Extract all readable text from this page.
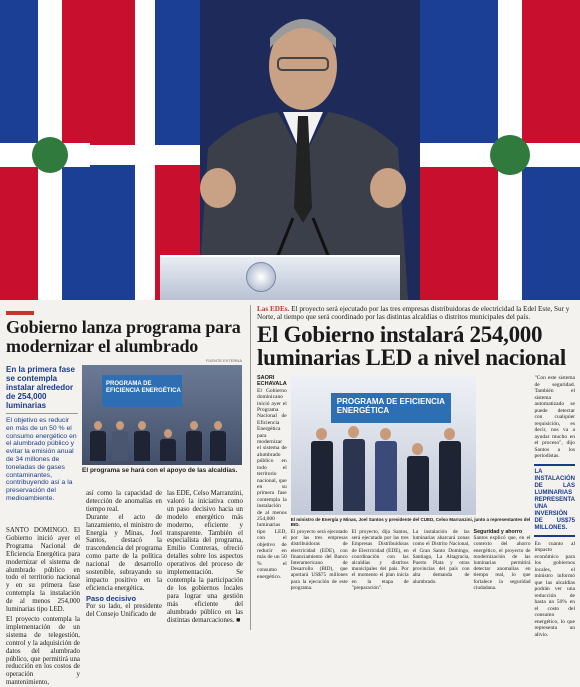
Gobierno lanza programa para modernizar el alumbrado
FUENTE EXTERNA
En la primera fase se contempla instalar alrededor de 254,000 luminarias
El objetivo es reducir en más de un 50 % el consumo energético en el alumbrado público y evitar la emisión anual de 34 millones de toneladas de gases contaminantes, contribuyendo así a la preservación del medioambiente.
PROGRAMA DE EFICIENCIA ENERGÉTICA
El programa se hará con el apoyo de las alcaldías.

SANTO DOMINGO. El Gobierno inició ayer el Programa Nacional de Eficiencia Energética para modernizar el sistema de alumbrado público en todo el territorio nacional y en su primera fase contempla la instalación de al menos 254,000 luminarias tipo LED.

El proyecto contempla la implementación de un sistema de telegestión, control y la adquisición de datos del alumbrado público, que permitirá una reducción en los costos de operación y mantenimiento,

así como la capacidad de detección de anomalías en tiempo real.

Durante el acto de lanzamiento, el ministro de Energía y Minas, Joel Santos, destacó la trascendencia del programa como parte de la política nacional de desarrollo sostenible, subrayando su impacto positivo en la eficiencia energética.

Paso decisivo

Por su lado, el presidente del Consejo Unificado de

las EDE, Celso Marranzini, valoró la iniciativa como un paso decisivo hacia un modelo energético más moderno, eficiente y transparente. También el especialista del programa, Emilio Contreras, ofreció detalles sobre los aspectos operativos del proceso de implementación. Se contempla la participación de los gobiernos locales para lograr una gestión más eficiente del alumbrado público en las distintas demarcaciones. ■

Las EDEs. El proyecto será ejecutado por las tres empresas distribuidoras de electricidad la Edel Este, Sur y Norte, al tiempo que será coordinado por las distintas alcaldías o distritos municipales del país.
El Gobierno instalará 254,000 luminarias LED a nivel nacional
SAORI ECHAVALA

El Gobierno dominicano inició ayer el Programa Nacional de Eficiencia Energética para modernizar el sistema de alumbrado público en todo el territorio nacional, que en su primera fase contempla la instalación de al menos 254,000 luminarias tipo LED, con el objetivo de reducir en más de un 50 % el consumo energético.

PROGRAMA DE EFICIENCIA ENERGÉTICA
El ministro de Energía y Minas, Joel Santos y presidente del CUED, Celso Marranzini, junto a representantes del BID.
El proyecto será ejecutado por las tres empresas distribuidoras de electricidad (EDE), con financiamiento del Banco Interamericano de Desarrollo (BID), que aportará US$75 millones para la ejecución de este programa.
El proyecto, dijo Santos, será ejecutado por las tres Empresas Distribuidoras de Electricidad (EDE), en coordinación con las alcaldías y distritos municipales del país. Por el momento el plan inicia en la etapa de "preparación".
La instalación de las luminarias abarcará zonas como el Distrito Nacional, el Gran Santo Domingo, Santiago, La Altagracia, Puerto Plata y otras provincias del país con alta demanda de alumbrado.
Seguridad y ahorro

Santos explicó que, en el contexto del ahorro energético, el proyecto de modernización de las luminarias permitirá detectar anomalías en tiempo real, lo que fortalece la seguridad ciudadana.

"Con este sistema de seguridad. También el sistema automatizado se puede detectar con cualquier requisición, es decir, nos va a ayudar mucho en el proceso", dijo Santos a los periodistas.

LA INSTALACIÓN DE LAS LUMINARIAS REPRESENTA UNA INVERSIÓN DE US$75 MILLONES.

En cuanto al impacto económico para los gobiernos locales, el ministro informó que las alcaldías podrán ver una reducción de hasta un 50% en el costo del consumo energético, lo que representa un alivio.
